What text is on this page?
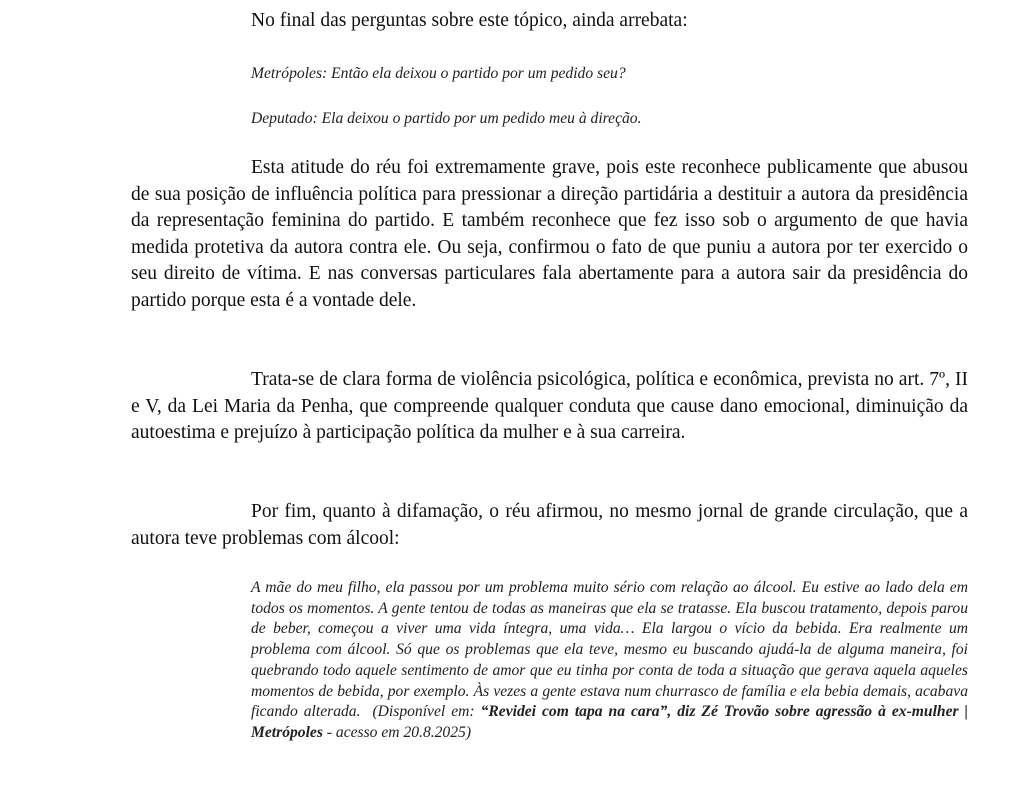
No final das perguntas sobre este tópico, ainda arrebata:
Metrópoles: Então ela deixou o partido por um pedido seu?
Deputado: Ela deixou o partido por um pedido meu à direção.

Esta atitude do réu foi extremamente grave, pois este reconhece publicamente que abusou de sua posição de influência política para pressionar a direção partidária a destituir a autora da presidência da representação feminina do partido. E também reconhece que fez isso sob o argumento de que havia medida protetiva da autora contra ele. Ou seja, confirmou o fato de que puniu a autora por ter exercido o seu direito de vítima. E nas conversas particulares fala abertamente para a autora sair da presidência do partido porque esta é a vontade dele.

Trata-se de clara forma de violência psicológica, política e econômica, prevista no art. 7º, II e V, da Lei Maria da Penha, que compreende qualquer conduta que cause dano emocional, diminuição da autoestima e prejuízo à participação política da mulher e à sua carreira.

Por fim, quanto à difamação, o réu afirmou, no mesmo jornal de grande circulação, que a autora teve problemas com álcool:

A mãe do meu filho, ela passou por um problema muito sério com relação ao álcool. Eu estive ao lado dela em todos os momentos. A gente tentou de todas as maneiras que ela se tratasse. Ela buscou tratamento, depois parou de beber, começou a viver uma vida íntegra, uma vida… Ela largou o vício da bebida. Era realmente um problema com álcool. Só que os problemas que ela teve, mesmo eu buscando ajudá-la de alguma maneira, foi quebrando todo aquele sentimento de amor que eu tinha por conta de toda a situação que gerava aquela aqueles momentos de bebida, por exemplo. Às vezes a gente estava num churrasco de família e ela bebia demais, acabava ficando alterada. (Disponível em: “Revidei com tapa na cara”, diz Zé Trovão sobre agressão à ex-mulher | Metrópoles - acesso em 20.8.2025)
